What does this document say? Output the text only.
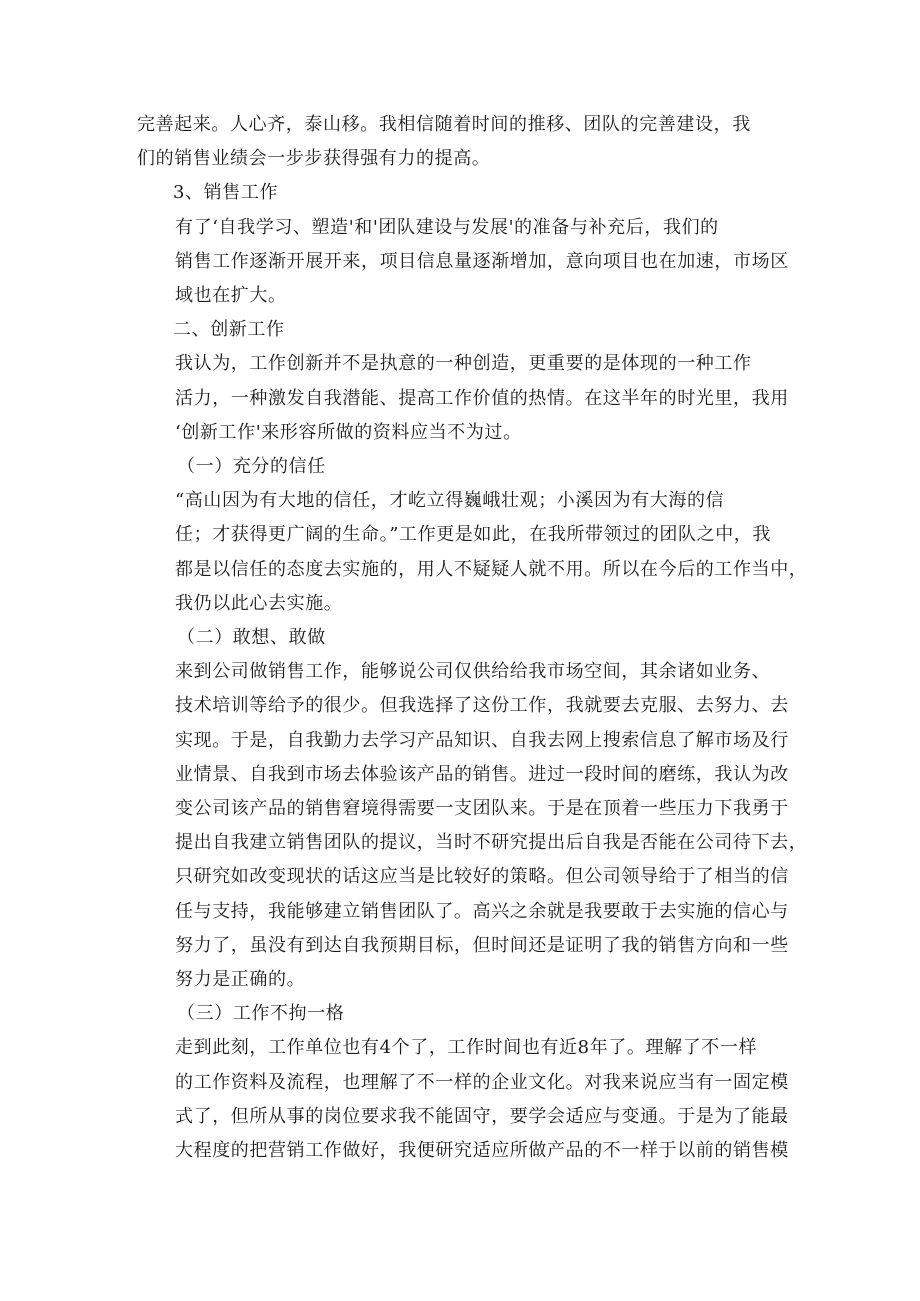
完善起来。人心齐，泰山移。我相信随着时间的推移、团队的完善建设，我
们的销售业绩会一步步获得强有力的提高。

3、销售工作

有了‘自我学习、塑造'和'团队建设与发展'的准备与补充后，我们的
销售工作逐渐开展开来，项目信息量逐渐增加，意向项目也在加速，市场区
域也在扩大。

二、创新工作

我认为，工作创新并不是执意的一种创造，更重要的是体现的一种工作
活力，一种激发自我潜能、提高工作价值的热情。在这半年的时光里，我用
‘创新工作'来形容所做的资料应当不为过。

（一）充分的信任

“高山因为有大地的信任，才屹立得巍峨壮观；小溪因为有大海的信
任；才获得更广阔的生命。”工作更是如此，在我所带领过的团队之中，我
都是以信任的态度去实施的，用人不疑疑人就不用。所以在今后的工作当中，
我仍以此心去实施。

（二）敢想、敢做

来到公司做销售工作，能够说公司仅供给给我市场空间，其余诸如业务、
技术培训等给予的很少。但我选择了这份工作，我就要去克服、去努力、去
实现。于是，自我勤力去学习产品知识、自我去网上搜索信息了解市场及行
业情景、自我到市场去体验该产品的销售。进过一段时间的磨练，我认为改
变公司该产品的销售窘境得需要一支团队来。于是在顶着一些压力下我勇于
提出自我建立销售团队的提议，当时不研究提出后自我是否能在公司待下去，
只研究如改变现状的话这应当是比较好的策略。但公司领导给于了相当的信
任与支持，我能够建立销售团队了。高兴之余就是我要敢于去实施的信心与
努力了，虽没有到达自我预期目标，但时间还是证明了我的销售方向和一些
努力是正确的。

（三）工作不拘一格

走到此刻，工作单位也有4个了，工作时间也有近8年了。理解了不一样
的工作资料及流程，也理解了不一样的企业文化。对我来说应当有一固定模
式了，但所从事的岗位要求我不能固守，要学会适应与变通。于是为了能最
大程度的把营销工作做好，我便研究适应所做产品的不一样于以前的销售模
